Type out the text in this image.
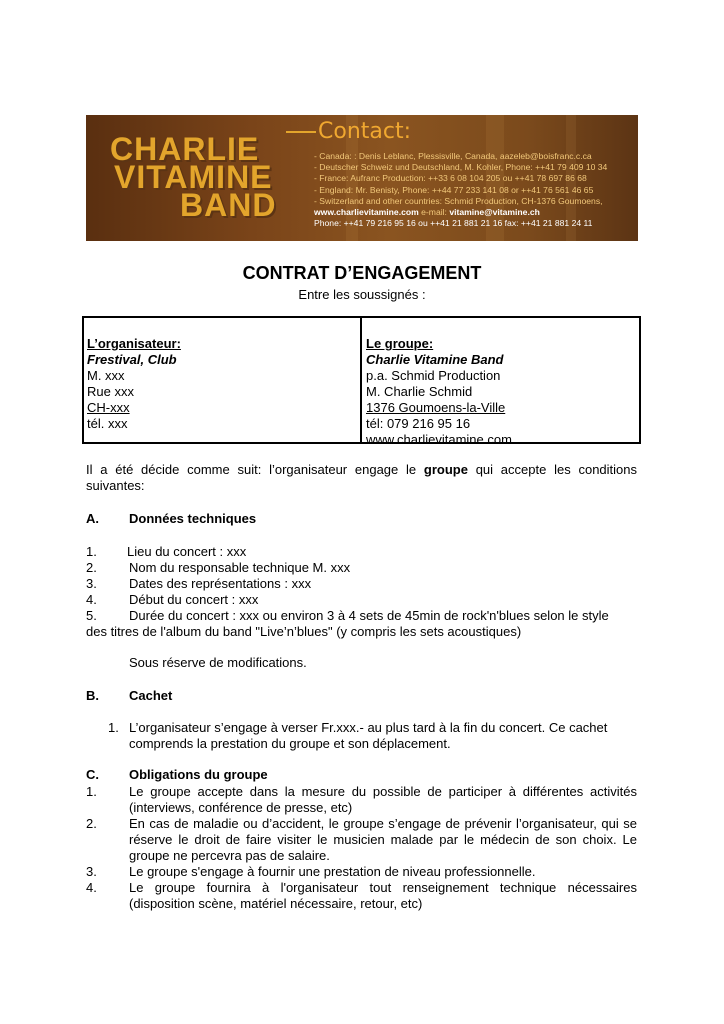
CHARLIE
VITAMINE
BAND
Contact:
- Canada: : Denis Leblanc, Plessisville, Canada, aazeleb@boisfranc.c.ca
- Deutscher Schweiz und Deutschland, M. Kohler, Phone: ++41 79 409 10 34
- France: Aufranc Production: ++33 6 08 104 205 ou ++41 78 697 86 68
- England: Mr. Benisty, Phone: ++44 77 233 141 08 or ++41 76 561 46 65
- Switzerland and other countries: Schmid Production, CH-1376 Goumoens,
www.charlievitamine.com e-mail: vitamine@vitamine.ch
Phone: ++41 79 216 95 16 ou ++41 21 881 21 16 fax: ++41 21 881 24 11
CONTRAT D’ENGAGEMENT
Entre les soussignés :
L’organisateur:
Frestival, Club
M. xxx
Rue xxx
CH-xxx
tél. xxx
Le groupe:
Charlie Vitamine Band
p.a. Schmid Production
M. Charlie Schmid
1376 Goumoens-la-Ville
tél: 079 216 95 16
www.charlievitamine.com
Il a été décide comme suit: l’organisateur engage le groupe qui accepte les conditions suivantes:
A. Données techniques
1. Lieu du concert : xxx
2. Nom du responsable technique M. xxx
3. Dates des représentations : xxx
4. Début du concert : xxx
5. Durée du concert : xxx ou environ 3 à 4 sets de 45min de rock'n'blues selon le style
des titres de l'album du band "Live’n’blues" (y compris les sets acoustiques)
Sous réserve de modifications.
B. Cachet
1. L’organisateur s’engage à verser Fr.xxx.- au plus tard à la fin du concert. Ce cachet comprends la prestation du groupe et son déplacement.
C. Obligations du groupe
1. Le groupe accepte dans la mesure du possible de participer à différentes activités (interviews, conférence de presse, etc)
2. En cas de maladie ou d’accident, le groupe s’engage de prévenir l’organisateur, qui se réserve le droit de faire visiter le musicien malade par le médecin de son choix. Le groupe ne percevra pas de salaire.
3. Le groupe s'engage à fournir une prestation de niveau professionnelle.
4. Le groupe fournira à l'organisateur tout renseignement technique nécessaires (disposition scène, matériel nécessaire, retour, etc)
